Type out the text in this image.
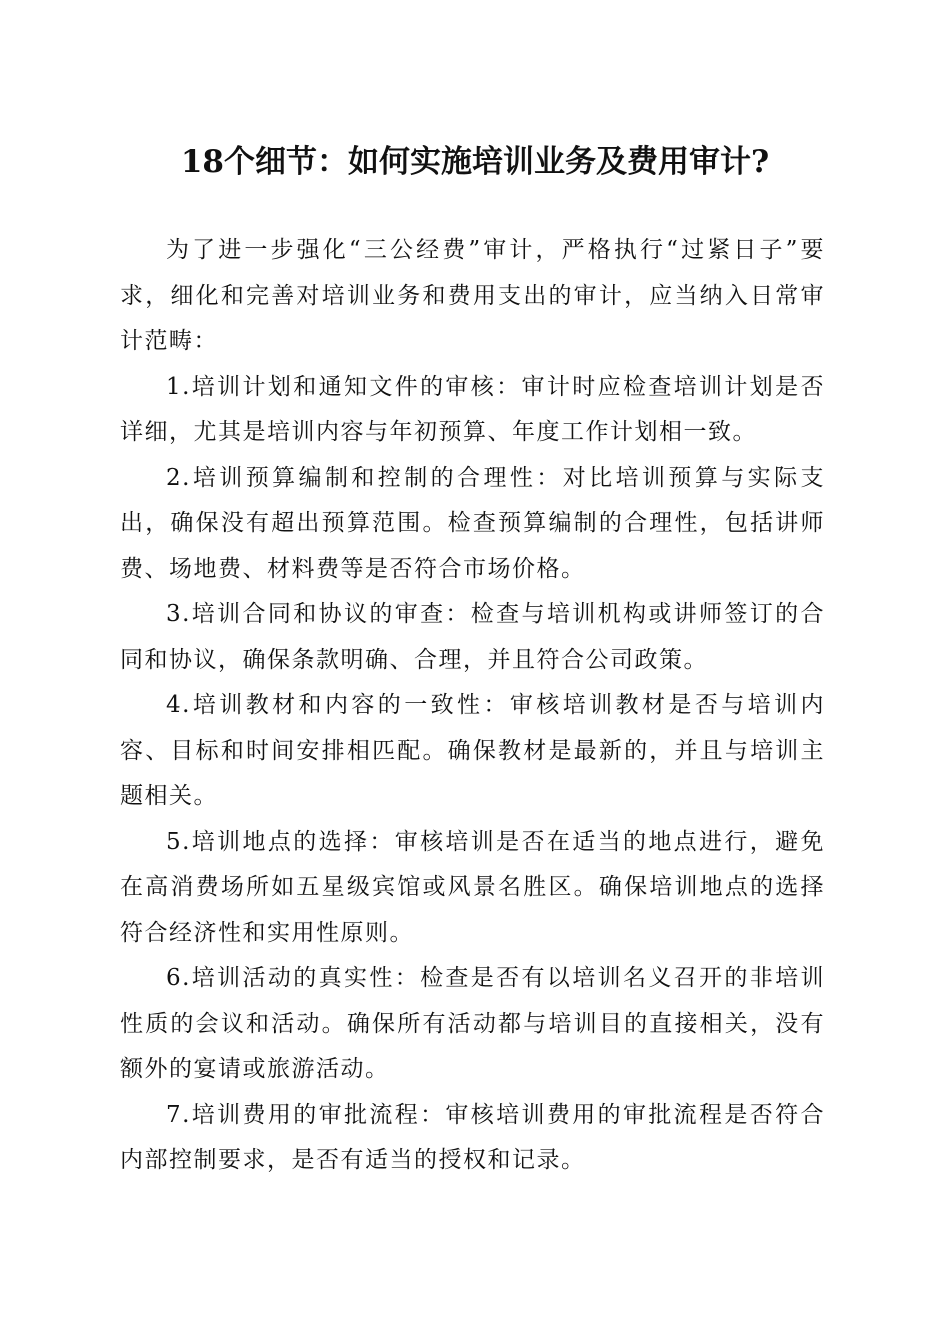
18个细节：如何实施培训业务及费用审计?

为了进一步强化“三公经费”审计，严格执行“过紧日子”要求，细化和完善对培训业务和费用支出的审计，应当纳入日常审计范畴：

1.培训计划和通知文件的审核：审计时应检查培训计划是否详细，尤其是培训内容与年初预算、年度工作计划相一致。

2.培训预算编制和控制的合理性：对比培训预算与实际支出，确保没有超出预算范围。检查预算编制的合理性，包括讲师费、场地费、材料费等是否符合市场价格。

3.培训合同和协议的审查：检查与培训机构或讲师签订的合同和协议，确保条款明确、合理，并且符合公司政策。

4.培训教材和内容的一致性：审核培训教材是否与培训内容、目标和时间安排相匹配。确保教材是最新的，并且与培训主题相关。

5.培训地点的选择：审核培训是否在适当的地点进行，避免在高消费场所如五星级宾馆或风景名胜区。确保培训地点的选择符合经济性和实用性原则。

6.培训活动的真实性：检查是否有以培训名义召开的非培训性质的会议和活动。确保所有活动都与培训目的直接相关，没有额外的宴请或旅游活动。

7.培训费用的审批流程：审核培训费用的审批流程是否符合内部控制要求，是否有适当的授权和记录。
